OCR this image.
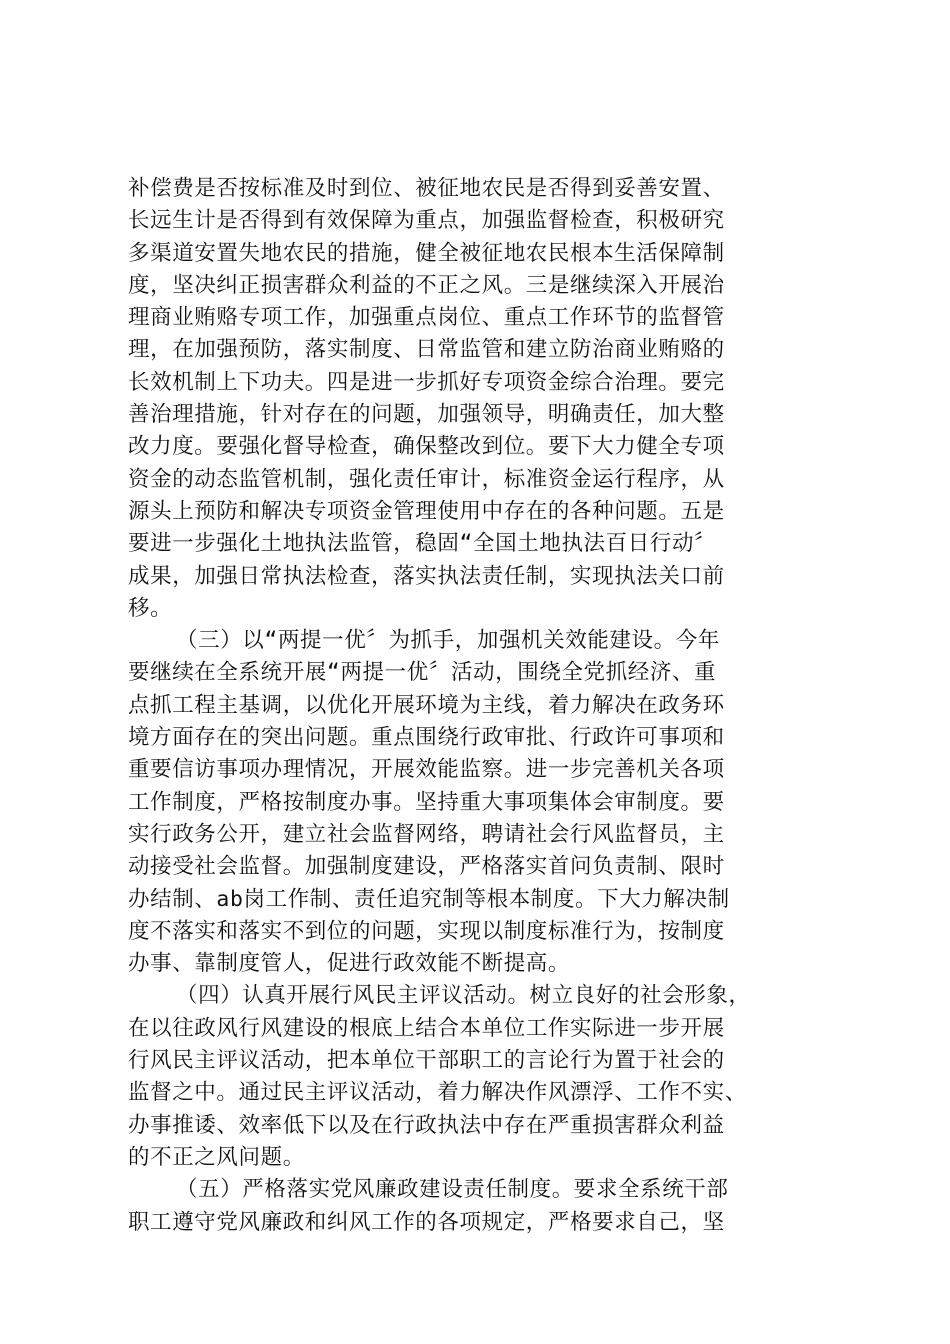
补偿费是否按标准及时到位、被征地农民是否得到妥善安置、
长远生计是否得到有效保障为重点，加强监督检查，积极研究
多渠道安置失地农民的措施，健全被征地农民根本生活保障制
度，坚决纠正损害群众利益的不正之风。三是继续深入开展治
理商业贿赂专项工作，加强重点岗位、重点工作环节的监督管
理，在加强预防，落实制度、日常监管和建立防治商业贿赂的
长效机制上下功夫。四是进一步抓好专项资金综合治理。要完
善治理措施，针对存在的问题，加强领导，明确责任，加大整
改力度。要强化督导检查，确保整改到位。要下大力健全专项
资金的动态监管机制，强化责任审计，标准资金运行程序，从
源头上预防和解决专项资金管理使用中存在的各种问题。五是
要进一步强化土地执法监管，稳固“全国土地执法百日行动〞
成果，加强日常执法检查，落实执法责任制，实现执法关口前
移。
（三）以“两提一优〞为抓手，加强机关效能建设。今年
要继续在全系统开展“两提一优〞活动，围绕全党抓经济、重
点抓工程主基调，以优化开展环境为主线，着力解决在政务环
境方面存在的突出问题。重点围绕行政审批、行政许可事项和
重要信访事项办理情况，开展效能监察。进一步完善机关各项
工作制度，严格按制度办事。坚持重大事项集体会审制度。要
实行政务公开，建立社会监督网络，聘请社会行风监督员，主
动接受社会监督。加强制度建设，严格落实首问负责制、限时
办结制、ab岗工作制、责任追究制等根本制度。下大力解决制
度不落实和落实不到位的问题，实现以制度标准行为，按制度
办事、靠制度管人，促进行政效能不断提高。
（四）认真开展行风民主评议活动。树立良好的社会形象，
在以往政风行风建设的根底上结合本单位工作实际进一步开展
行风民主评议活动，把本单位干部职工的言论行为置于社会的
监督之中。通过民主评议活动，着力解决作风漂浮、工作不实、
办事推诿、效率低下以及在行政执法中存在严重损害群众利益
的不正之风问题。
（五）严格落实党风廉政建设责任制度。要求全系统干部
职工遵守党风廉政和纠风工作的各项规定，严格要求自己，坚
